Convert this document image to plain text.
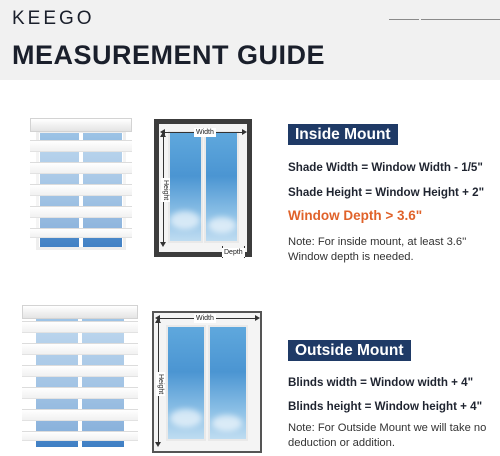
KEEGO
MEASUREMENT GUIDE
Width
Height
Depth
Inside Mount
Shade Width = Window Width - 1/5"
Shade Height = Window Height + 2"
Window Depth > 3.6"
Note: For inside mount, at least 3.6'' Window depth is needed.
Width
Height
Outside Mount
Blinds width = Window width + 4"
Blinds height = Window height + 4"
Note: For Outside Mount we will take no deduction or addition.
